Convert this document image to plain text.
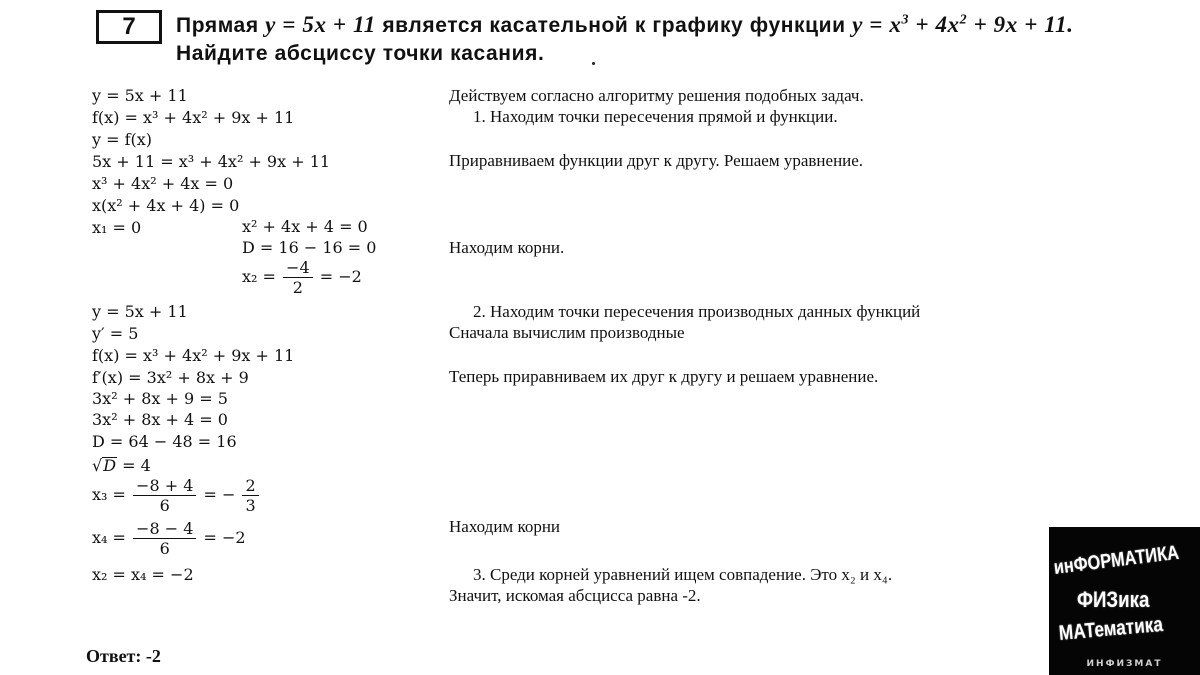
7	Прямая y = 5x + 11 является касательной к графику функции $y = x^3 + 4x^2 + 9x + 11$.
Найдите абсциссу точки касания.
y = 5x + 11
f(x) = x³ + 4x² + 9x + 11
y = f(x)
5x + 11 = x³ + 4x² + 9x + 11
x³ + 4x² + 4x = 0
x(x² + 4x + 4) = 0
x₁ = 0	x² + 4x + 4 = 0
D = 16 − 16 = 0
$x_2 = \frac{-4}{2} = -2$
y = 5x + 11
y′ = 5
f(x) = x³ + 4x² + 9x + 11
f′(x) = 3x² + 8x + 9
3x² + 8x + 9 = 5
3x² + 8x + 4 = 0
D = 64 − 48 = 16
√D = 4
$x_3 = \frac{-8 + 4}{6}$ = − $\frac{2}{3}$
$x_4 = \frac{-8 - 4}{6} = -2$
x₂ = x₄ = −2
Действуем согласно алгоритму решения подобных задач.
1. Находим точки пересечения прямой и функции.
Приравниваем функции друг к другу. Решаем уравнение.
Находим корни.
2. Находим точки пересечения производных данных функций
Сначала вычислим производные
Теперь приравниваем их друг к другу и решаем уравнение.
Находим корни
3. Среди корней уравнений ищем совпадение. Это x₂ и x₄.
Значит, искомая абсцисса равна -2.
Ответ: -2
инФОРМАТИКА
ФИЗика
МАТематика
ИНФИЗМАТ
